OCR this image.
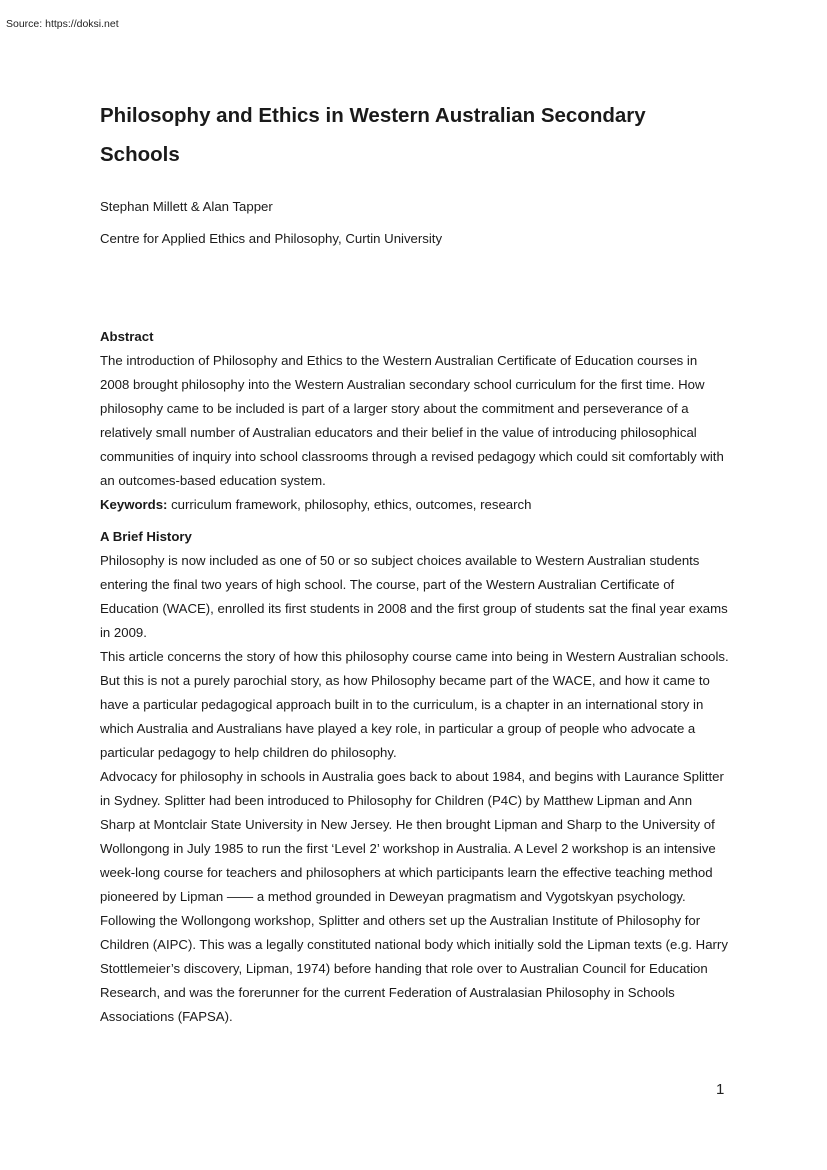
Source: https://doksi.net
Philosophy and Ethics in Western Australian Secondary Schools

Stephan Millett & Alan Tapper

Centre for Applied Ethics and Philosophy, Curtin University

Abstract

The introduction of Philosophy and Ethics to the Western Australian Certificate of Education courses in 2008 brought philosophy into the Western Australian secondary school curriculum for the first time. How philosophy came to be included is part of a larger story about the commitment and perseverance of a relatively small number of Australian educators and their belief in the value of introducing philosophical communities of inquiry into school classrooms through a revised pedagogy which could sit comfortably with an outcomes-based education system.

Keywords: curriculum framework, philosophy, ethics, outcomes, research

A Brief History

Philosophy is now included as one of 50 or so subject choices available to Western Australian students entering the final two years of high school. The course, part of the Western Australian Certificate of Education (WACE), enrolled its first students in 2008 and the first group of students sat the final year exams in 2009.

This article concerns the story of how this philosophy course came into being in Western Australian schools. But this is not a purely parochial story, as how Philosophy became part of the WACE, and how it came to have a particular pedagogical approach built in to the curriculum, is a chapter in an international story in which Australia and Australians have played a key role, in particular a group of people who advocate a particular pedagogy to help children do philosophy.

Advocacy for philosophy in schools in Australia goes back to about 1984, and begins with Laurance Splitter in Sydney. Splitter had been introduced to Philosophy for Children (P4C) by Matthew Lipman and Ann Sharp at Montclair State University in New Jersey. He then brought Lipman and Sharp to the University of Wollongong in July 1985 to run the first ‘Level 2’ workshop in Australia. A Level 2 workshop is an intensive week-long course for teachers and philosophers at which participants learn the effective teaching method pioneered by Lipman —— a method grounded in Deweyan pragmatism and Vygotskyan psychology. Following the Wollongong workshop, Splitter and others set up the Australian Institute of Philosophy for Children (AIPC). This was a legally constituted national body which initially sold the Lipman texts (e.g. Harry Stottlemeier’s discovery, Lipman, 1974) before handing that role over to Australian Council for Education Research, and was the forerunner for the current Federation of Australasian Philosophy in Schools Associations (FAPSA).

1
